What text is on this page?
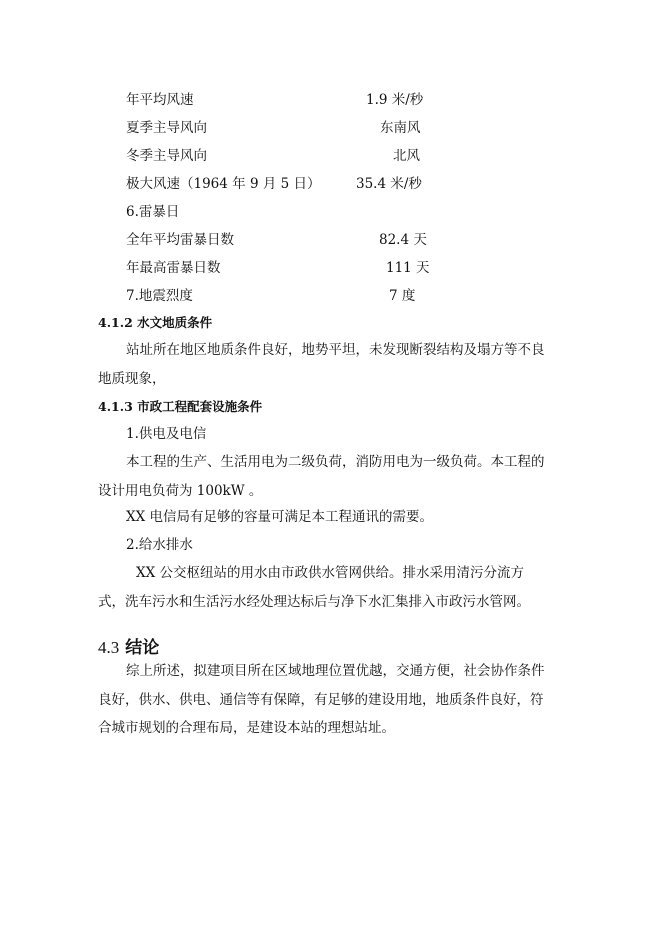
年平均风速	1.9 米/秒
夏季主导风向	东南风
冬季主导风向	北风
极大风速（1964 年 9 月 5 日）	35.4 米/秒
6.雷暴日
全年平均雷暴日数	82.4 天
年最高雷暴日数	111 天
7.地震烈度	7 度
4.1.2 水文地质条件
站址所在地区地质条件良好，地势平坦，未发现断裂结构及塌方等不良地质现象，
4.1.3 市政工程配套设施条件
1.供电及电信
本工程的生产、生活用电为二级负荷，消防用电为一级负荷。本工程的设计用电负荷为 100kW 。
XX 电信局有足够的容量可满足本工程通讯的需要。
2.给水排水
XX 公交枢纽站的用水由市政供水管网供给。排水采用清污分流方式，洗车污水和生活污水经处理达标后与净下水汇集排入市政污水管网。
4.3 结论
综上所述，拟建项目所在区域地理位置优越，交通方便，社会协作条件良好，供水、供电、通信等有保障，有足够的建设用地，地质条件良好，符合城市规划的合理布局，是建设本站的理想站址。
